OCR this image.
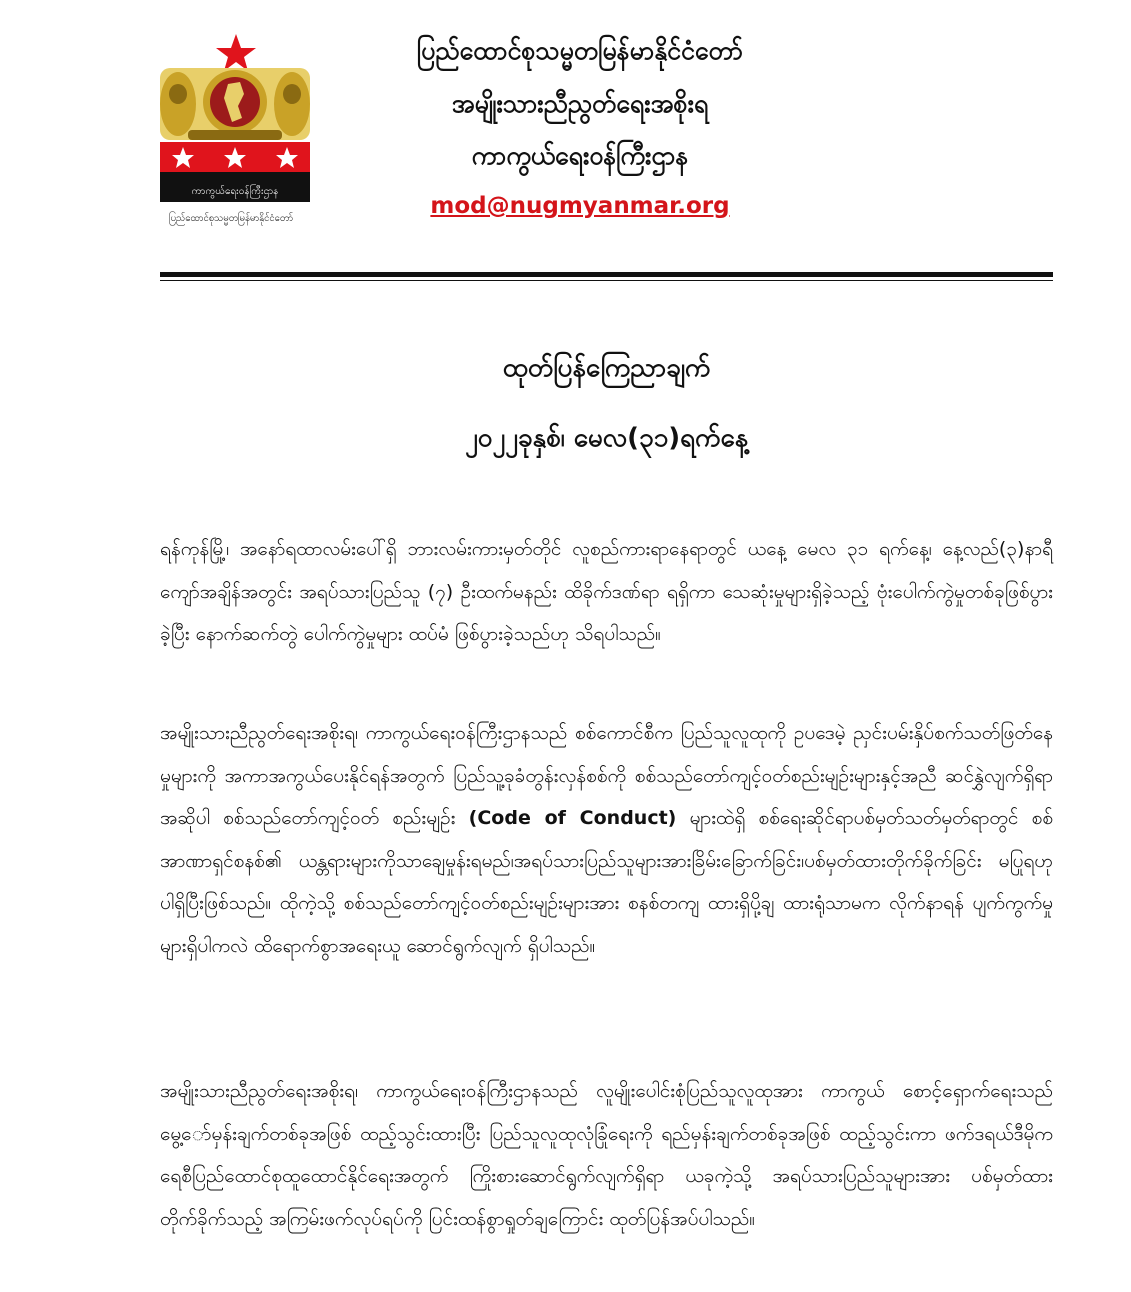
ကာကွယ်ရေးဝန်ကြီးဌာန
ပြည်ထောင်စုသမ္မတမြန်မာနိုင်ငံတော်
ပြည်ထောင်စုသမ္မတမြန်မာနိုင်ငံတော်
အမျိုးသားညီညွတ်ရေးအစိုးရ
ကာကွယ်ရေးဝန်ကြီးဌာန
mod@nugmyanmar.org
ထုတ်ပြန်ကြေညာချက်
၂၀၂၂ခုနှစ်၊ မေလ(၃၁)ရက်နေ့

ရန်ကုန်မြို့၊ အနော်ရထာလမ်းပေါ်ရှိ ဘားလမ်းကားမှတ်တိုင် လူစည်ကားရာနေရာတွင် ယနေ့ မေလ ၃၁ ရက်နေ့၊ နေ့လည်(၃)နာရီကျော်အချိန်အတွင်း အရပ်သားပြည်သူ (၇) ဦးထက်မနည်း ထိခိုက်ဒဏ်ရာ ရရှိကာ သေဆုံးမှုများရှိခဲ့သည့် ဗုံးပေါက်ကွဲမှုတစ်ခုဖြစ်ပွားခဲ့ပြီး နောက်ဆက်တွဲ ပေါက်ကွဲမှုများ ထပ်မံ ဖြစ်ပွားခဲ့သည်ဟု သိရပါသည်။

အမျိုးသားညီညွတ်ရေးအစိုးရ၊ ကာကွယ်ရေးဝန်ကြီးဌာနသည် စစ်ကောင်စီက ပြည်သူလူထုကို ဥပဒေမဲ့ ညှင်းပမ်းနှိပ်စက်သတ်ဖြတ်နေမှုများကို အကာအကွယ်ပေးနိုင်ရန်အတွက် ပြည်သူ့ခုခံတွန်းလှန်စစ်ကို စစ်သည်တော်ကျင့်ဝတ်စည်းမျဉ်းများနှင့်အညီ ဆင်နွှဲလျက်ရှိရာ အဆိုပါ စစ်သည်တော်ကျင့်ဝတ် စည်းမျဉ်း (Code of Conduct) များထဲရှိ စစ်ရေးဆိုင်ရာပစ်မှတ်သတ်မှတ်ရာတွင် စစ်အာဏာရှင်စနစ်၏ ယန္တရားများကိုသာချေမှုန်းရမည်၊အရပ်သားပြည်သူများအားခြိမ်းခြောက်ခြင်း၊ပစ်မှတ်ထားတိုက်ခိုက်ခြင်း မပြုရဟု ပါရှိပြီးဖြစ်သည်။ ထိုကဲ့သို့ စစ်သည်တော်ကျင့်ဝတ်စည်းမျဉ်းများအား စနစ်တကျ ထားရှိပို့ချ ထားရုံသာမက လိုက်နာရန် ပျက်ကွက်မှုများရှိပါကလဲ ထိရောက်စွာအရေးယူ ဆောင်ရွက်လျက် ရှိပါသည်။

အမျိုးသားညီညွတ်ရေးအစိုးရ၊ ကာကွယ်ရေးဝန်ကြီးဌာနသည် လူမျိုးပေါင်းစုံပြည်သူလူထုအား ကာကွယ် စောင့်ရှောက်ရေးသည် မွေ့ော်မှန်းချက်တစ်ခုအဖြစ် ထည့်သွင်းထားပြီး ပြည်သူလူထုလုံခြုံရေးကို ရည်မှန်းချက်တစ်ခုအဖြစ် ထည့်သွင်းကာ ဖက်ဒရယ်ဒီမိုကရေစီပြည်ထောင်စုထူထောင်နိုင်ရေးအတွက် ကြိုးစားဆောင်ရွက်လျက်ရှိရာ ယခုကဲ့သို့ အရပ်သားပြည်သူများအား ပစ်မှတ်ထားတိုက်ခိုက်သည့် အကြမ်းဖက်လုပ်ရပ်ကို ပြင်းထန်စွာရှုတ်ချကြောင်း ထုတ်ပြန်အပ်ပါသည်။
